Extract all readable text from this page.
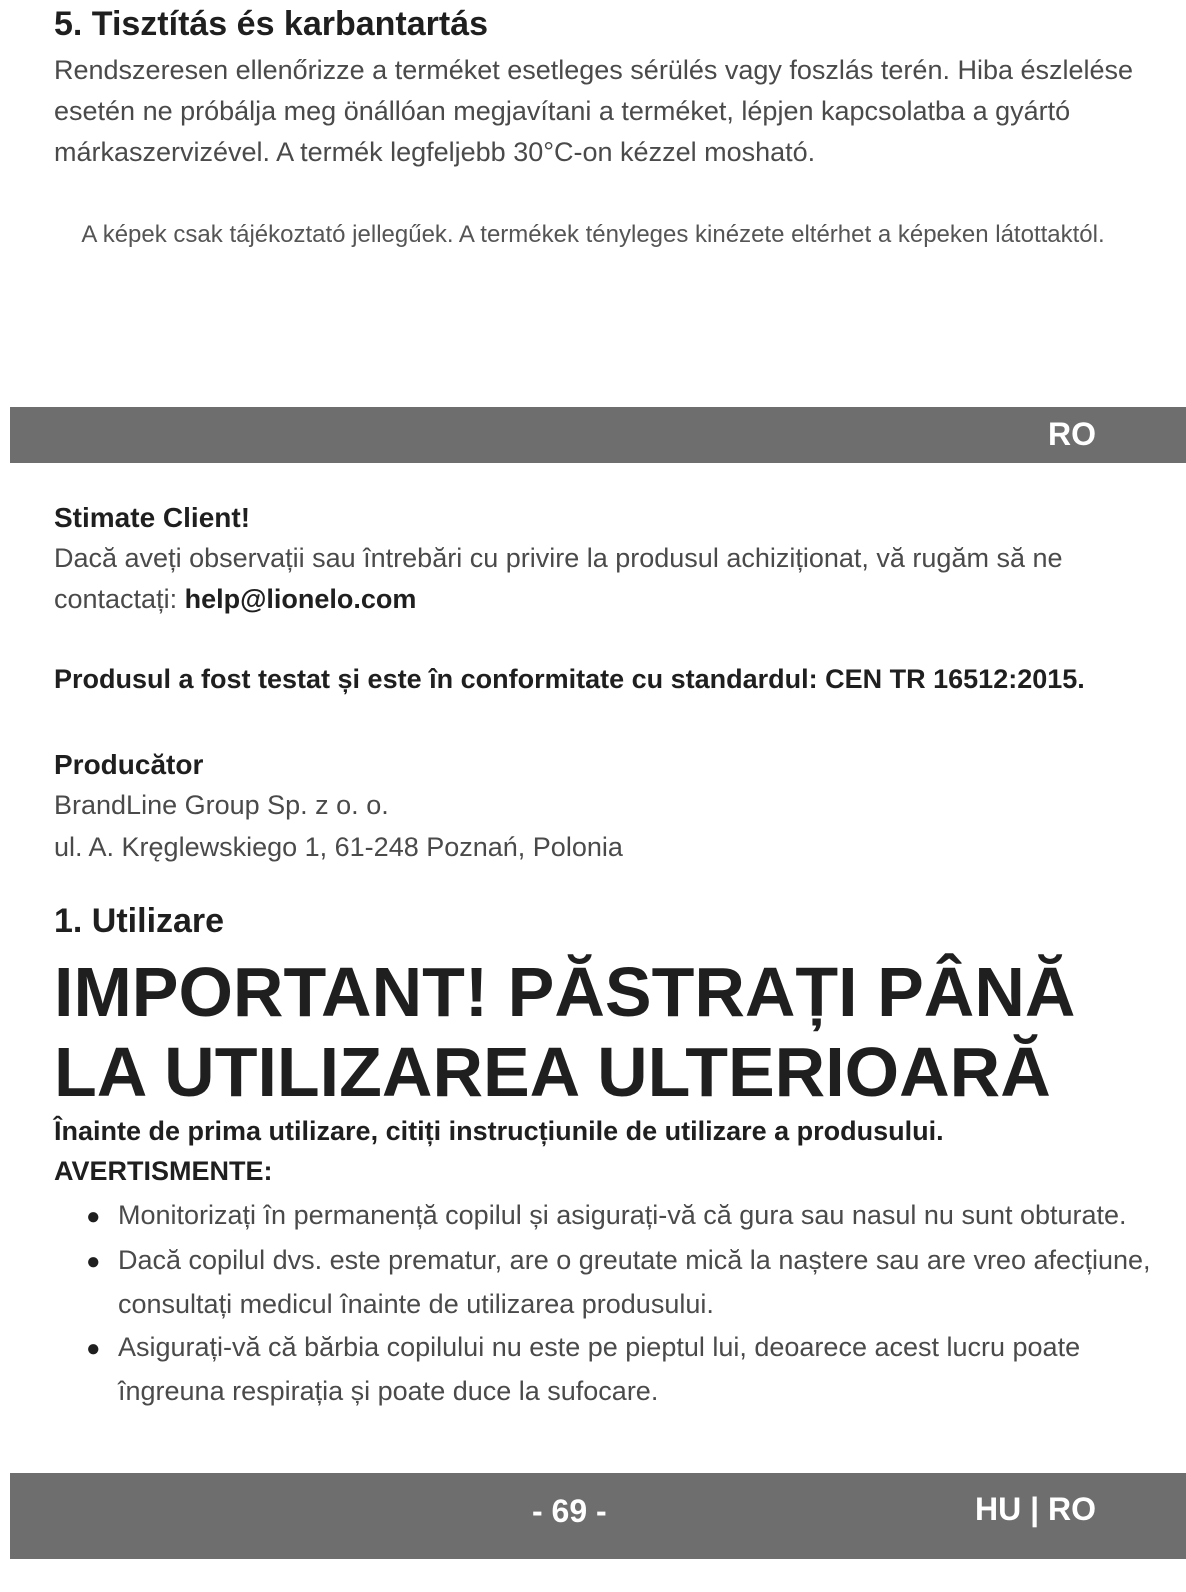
5. Tisztítás és karbantartás

Rendszeresen ellenőrizze a terméket esetleges sérülés vagy foszlás terén. Hiba észlelése esetén ne próbálja meg önállóan megjavítani a terméket, lépjen kapcsolatba a gyártó márkaszervizével. A termék legfeljebb 30°C-on kézzel mosható.

A képek csak tájékoztató jellegűek. A termékek tényleges kinézete eltérhet a képeken látottaktól.

RO

Stimate Client!

Dacă aveți observații sau întrebări cu privire la produsul achiziționat, vă rugăm să ne contactați: help@lionelo.com

Produsul a fost testat și este în conformitate cu standardul: CEN TR 16512:2015.

Producător

BrandLine Group Sp. z o. o.

ul. A. Kręglewskiego 1, 61-248 Poznań, Polonia

1. Utilizare
IMPORTANT! PĂSTRAȚI PÂNĂ LA UTILIZAREA ULTERIOARĂ

Înainte de prima utilizare, citiți instrucțiunile de utilizare a produsului.

AVERTISMENTE:

● Monitorizați în permanență copilul și asigurați-vă că gura sau nasul nu sunt obturate.
● Dacă copilul dvs. este prematur, are o greutate mică la naștere sau are vreo afecțiune, consultați medicul înainte de utilizarea produsului.
● Asigurați-vă că bărbia copilului nu este pe pieptul lui, deoarece acest lucru poate îngreuna respirația și poate duce la sufocare.
- 69 -	HU | RO
